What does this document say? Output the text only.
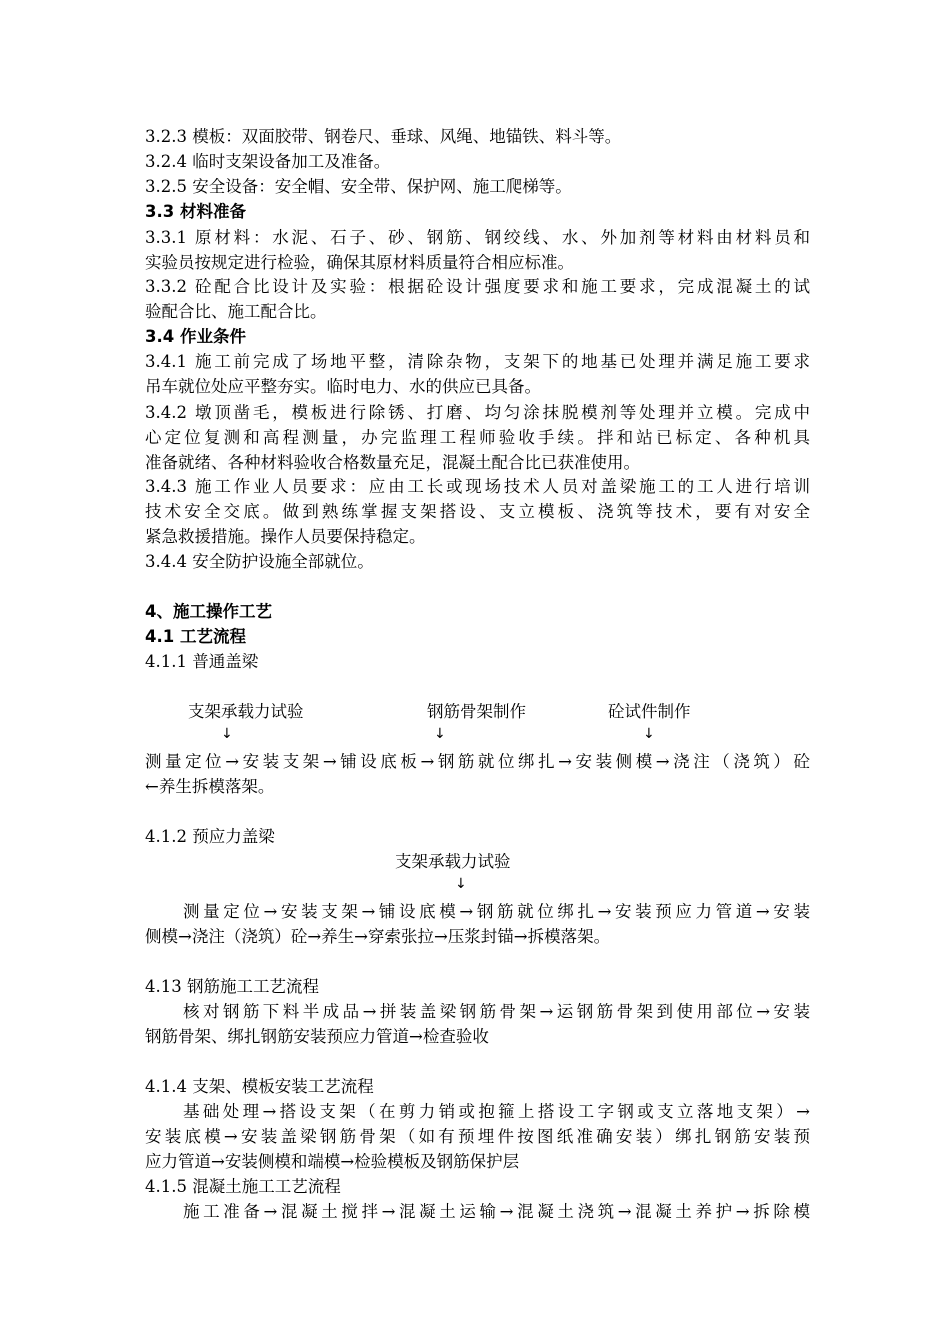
3.2.3 模板：双面胶带、钢卷尺、垂球、风绳、地锚铁、料斗等。
3.2.4 临时支架设备加工及准备。
3.2.5 安全设备：安全帽、安全带、保护网、施工爬梯等。
3.3 材料准备
3.3.1 原材料：水泥、石子、砂、钢筋、钢绞线、水、外加剂等材料由材料员和
实验员按规定进行检验，确保其原材料质量符合相应标准。
3.3.2 砼配合比设计及实验：根据砼设计强度要求和施工要求，完成混凝土的试
验配合比、施工配合比。
3.4 作业条件
3.4.1 施工前完成了场地平整，清除杂物，支架下的地基已处理并满足施工要求
吊车就位处应平整夯实。临时电力、水的供应已具备。
3.4.2 墩顶凿毛，模板进行除锈、打磨、均匀涂抹脱模剂等处理并立模。完成中
心定位复测和高程测量，办完监理工程师验收手续。拌和站已标定、各种机具
准备就绪、各种材料验收合格数量充足，混凝土配合比已获准使用。
3.4.3 施工作业人员要求：应由工长或现场技术人员对盖梁施工的工人进行培训
技术安全交底。做到熟练掌握支架搭设、支立模板、浇筑等技术，要有对安全
紧急救援措施。操作人员要保持稳定。
3.4.4 安全防护设施全部就位。
4、施工操作工艺
4.1 工艺流程
4.1.1 普通盖梁
支架承载力试验	钢筋骨架制作	砼试件制作
↓	↓	↓
测量定位→安装支架→铺设底板→钢筋就位绑扎→安装侧模→浇注（浇筑）砼
←养生拆模落架。
4.1.2 预应力盖梁
支架承载力试验
↓
测量定位→安装支架→铺设底模→钢筋就位绑扎→安装预应力管道→安装
侧模→浇注（浇筑）砼→养生→穿索张拉→压浆封锚→拆模落架。
4.13 钢筋施工工艺流程
核对钢筋下料半成品→拼装盖梁钢筋骨架→运钢筋骨架到使用部位→安装
钢筋骨架、绑扎钢筋安装预应力管道→检查验收
4.1.4 支架、模板安装工艺流程
基础处理→搭设支架（在剪力销或抱箍上搭设工字钢或支立落地支架）→
安装底模→安装盖梁钢筋骨架（如有预埋件按图纸准确安装）绑扎钢筋安装预
应力管道→安装侧模和端模→检验模板及钢筋保护层
4.1.5 混凝土施工工艺流程
施工准备→混凝土搅拌→混凝土运输→混凝土浇筑→混凝土养护→拆除模
